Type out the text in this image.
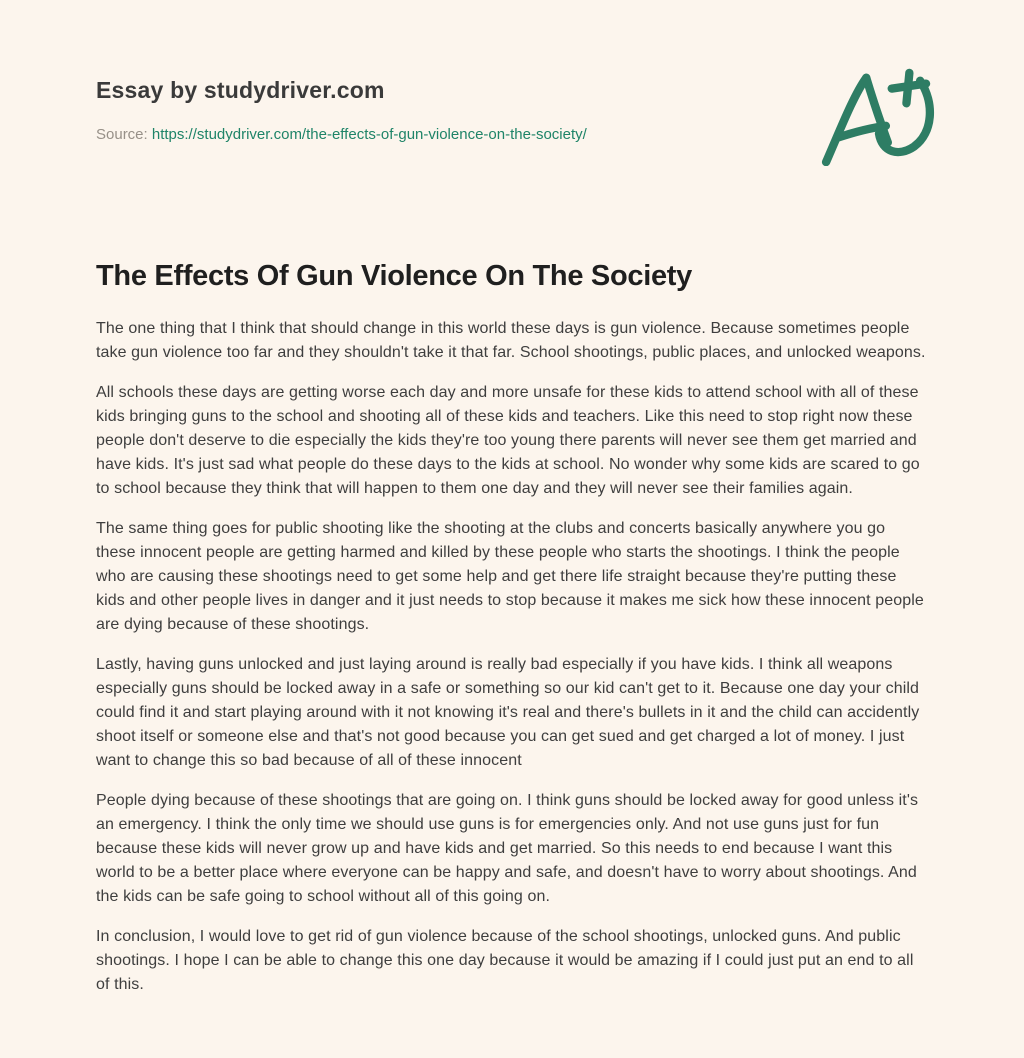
Essay by studydriver.com
Source: https://studydriver.com/the-effects-of-gun-violence-on-the-society/
The Effects Of Gun Violence On The Society

The one thing that I think that should change in this world these days is gun violence. Because sometimes people take gun violence too far and they shouldn't take it that far. School shootings, public places, and unlocked weapons.

All schools these days are getting worse each day and more unsafe for these kids to attend school with all of these kids bringing guns to the school and shooting all of these kids and teachers. Like this need to stop right now these people don't deserve to die especially the kids they're too young there parents will never see them get married and have kids. It's just sad what people do these days to the kids at school. No wonder why some kids are scared to go to school because they think that will happen to them one day and they will never see their families again.

The same thing goes for public shooting like the shooting at the clubs and concerts basically anywhere you go these innocent people are getting harmed and killed by these people who starts the shootings. I think the people who are causing these shootings need to get some help and get there life straight because they're putting these kids and other people lives in danger and it just needs to stop because it makes me sick how these innocent people are dying because of these shootings.

Lastly, having guns unlocked and just laying around is really bad especially if you have kids. I think all weapons especially guns should be locked away in a safe or something so our kid can't get to it. Because one day your child could find it and start playing around with it not knowing it's real and there's bullets in it and the child can accidently shoot itself or someone else and that's not good because you can get sued and get charged a lot of money. I just want to change this so bad because of all of these innocent

People dying because of these shootings that are going on. I think guns should be locked away for good unless it's an emergency. I think the only time we should use guns is for emergencies only. And not use guns just for fun because these kids will never grow up and have kids and get married. So this needs to end because I want this world to be a better place where everyone can be happy and safe, and doesn't have to worry about shootings. And the kids can be safe going to school without all of this going on.

In conclusion, I would love to get rid of gun violence because of the school shootings, unlocked guns. And public shootings. I hope I can be able to change this one day because it would be amazing if I could just put an end to all of this.
